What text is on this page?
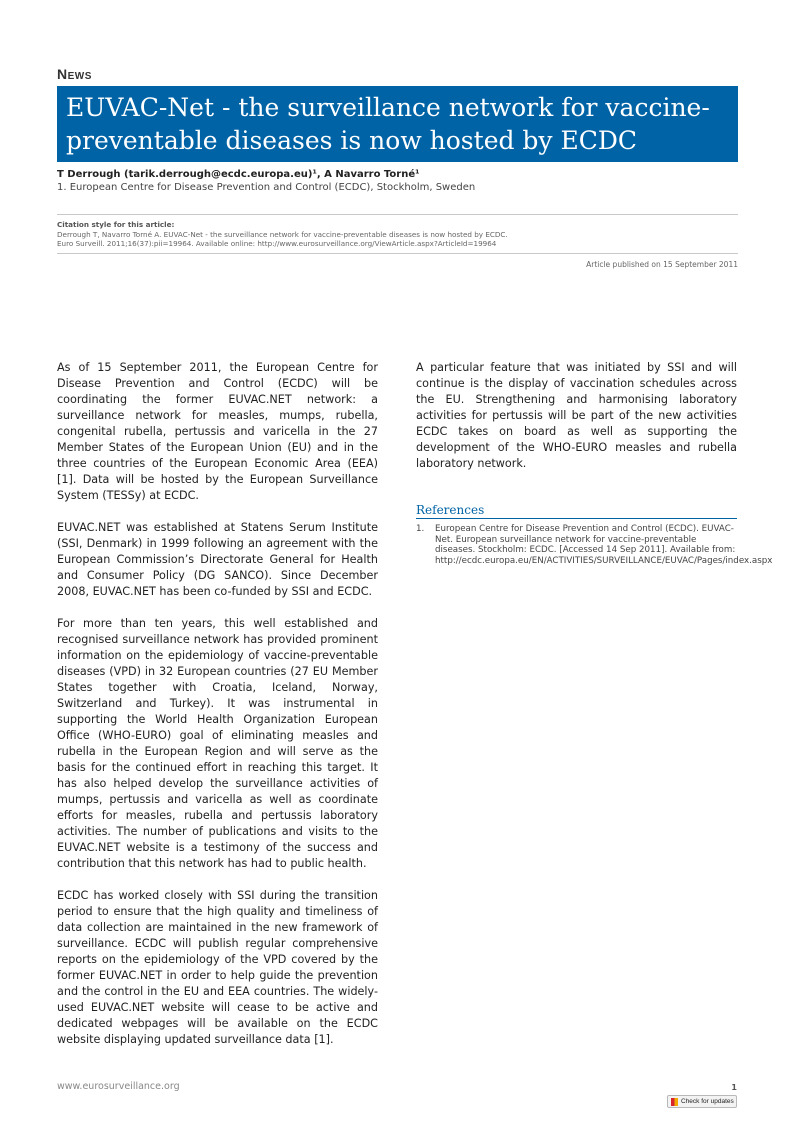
News
EUVAC-Net - the surveillance network for vaccine-preventable diseases is now hosted by ECDC
T Derrough (tarik.derrough@ecdc.europa.eu)¹, A Navarro Torné¹
1. European Centre for Disease Prevention and Control (ECDC), Stockholm, Sweden
Citation style for this article:
Derrough T, Navarro Torné A. EUVAC-Net - the surveillance network for vaccine-preventable diseases is now hosted by ECDC.
Euro Surveill. 2011;16(37):pii=19964. Available online: http://www.eurosurveillance.org/ViewArticle.aspx?ArticleId=19964
Article published on 15 September 2011

As of 15 September 2011, the European Centre for Disease Prevention and Control (ECDC) will be coordinating the former EUVAC.NET network: a surveillance network for measles, mumps, rubella, congenital rubella, pertussis and varicella in the 27 Member States of the European Union (EU) and in the three countries of the European Economic Area (EEA) [1]. Data will be hosted by the European Surveillance System (TESSy) at ECDC.

EUVAC.NET was established at Statens Serum Institute (SSI, Denmark) in 1999 following an agreement with the European Commission’s Directorate General for Health and Consumer Policy (DG SANCO). Since December 2008, EUVAC.NET has been co-funded by SSI and ECDC.

For more than ten years, this well established and recognised surveillance network has provided prominent information on the epidemiology of vaccine-preventable diseases (VPD) in 32 European countries (27 EU Member States together with Croatia, Iceland, Norway, Switzerland and Turkey). It was instrumental in supporting the World Health Organization European Office (WHO-EURO) goal of eliminating measles and rubella in the European Region and will serve as the basis for the continued effort in reaching this target. It has also helped develop the surveillance activities of mumps, pertussis and varicella as well as coordinate efforts for measles, rubella and pertussis laboratory activities. The number of publications and visits to the EUVAC.NET website is a testimony of the success and contribution that this network has had to public health.

ECDC has worked closely with SSI during the transition period to ensure that the high quality and timeliness of data collection are maintained in the new framework of surveillance. ECDC will publish regular comprehensive reports on the epidemiology of the VPD covered by the former EUVAC.NET in order to help guide the prevention and the control in the EU and EEA countries. The widely-used EUVAC.NET website will cease to be active and dedicated webpages will be available on the ECDC website displaying updated surveillance data [1].

A particular feature that was initiated by SSI and will continue is the display of vaccination schedules across the EU. Strengthening and harmonising laboratory activities for pertussis will be part of the new activities ECDC takes on board as well as supporting the development of the WHO-EURO measles and rubella laboratory network.

References
1. European Centre for Disease Prevention and Control (ECDC). EUVAC-Net. European surveillance network for vaccine-preventable diseases. Stockholm: ECDC. [Accessed 14 Sep 2011]. Available from: http://ecdc.europa.eu/EN/ACTIVITIES/SURVEILLANCE/EUVAC/Pages/index.aspx
www.eurosurveillance.org	1
Check for updates
